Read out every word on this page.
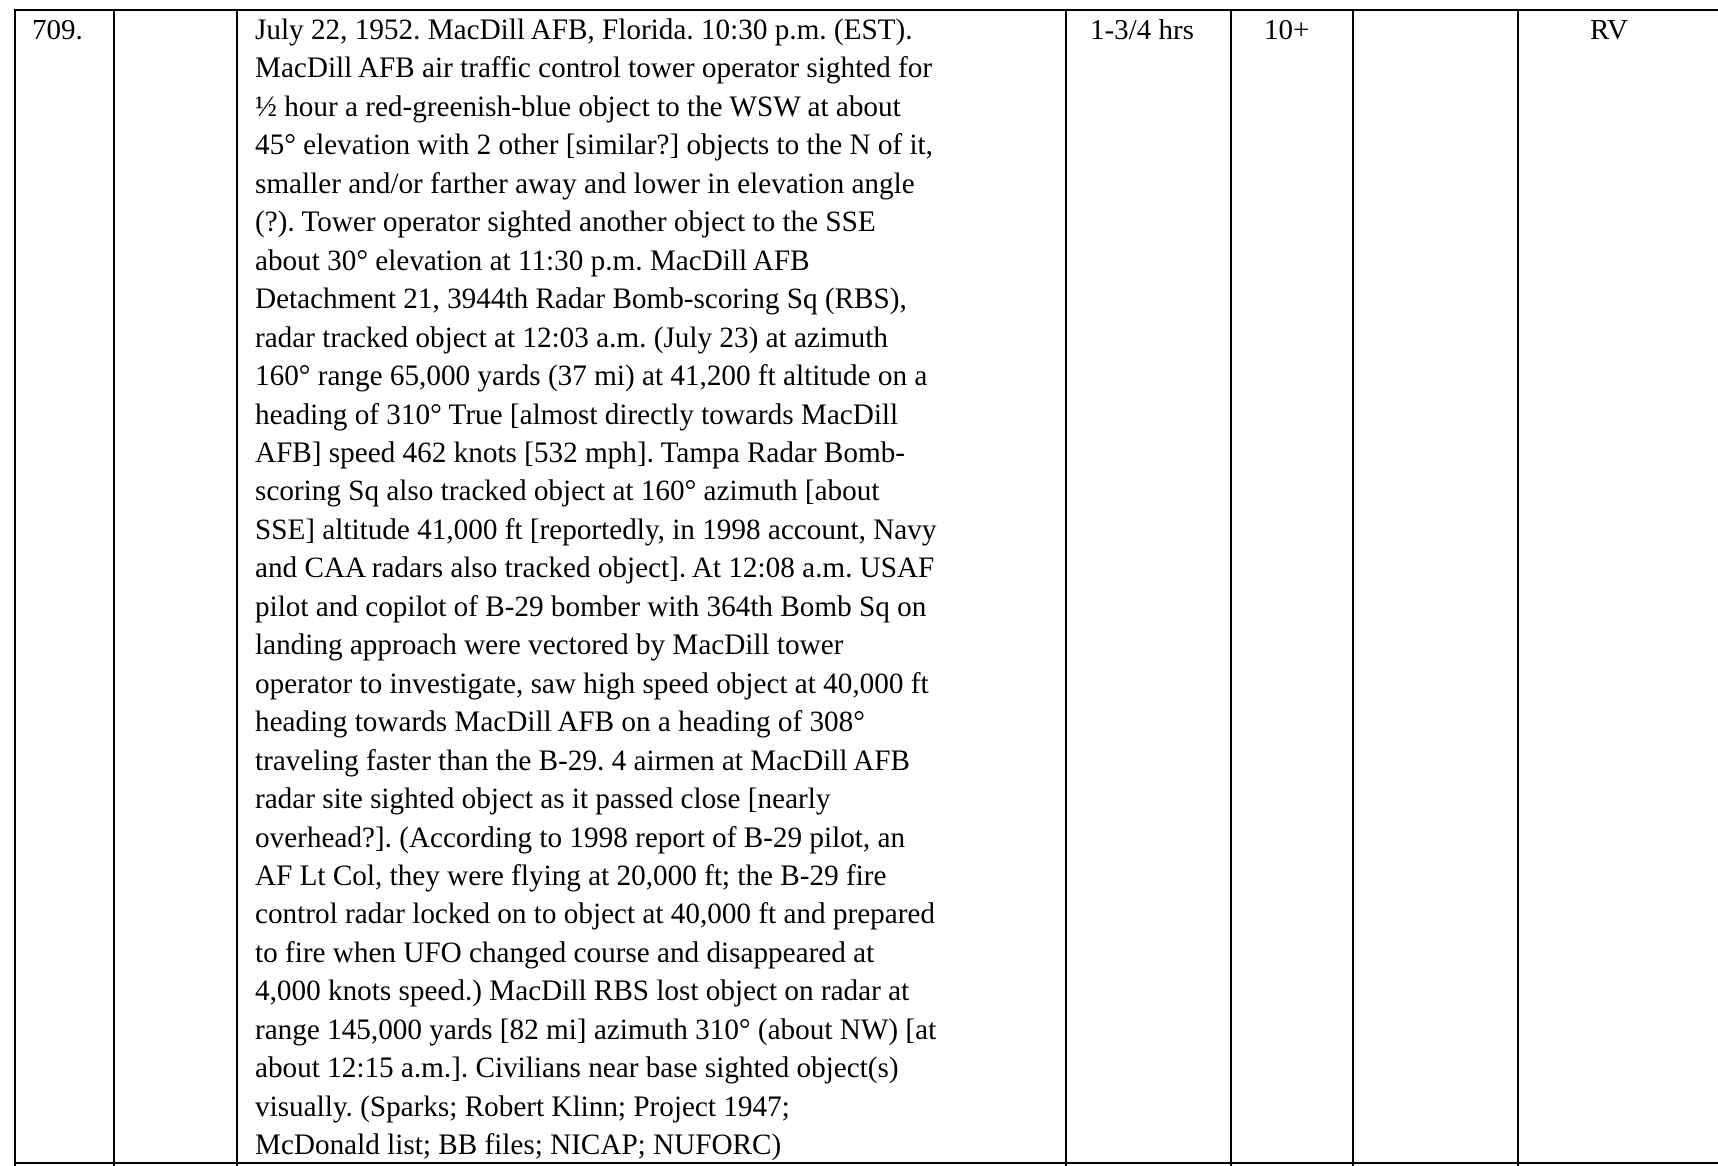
709.	July 22, 1952. MacDill AFB, Florida. 10:30 p.m. (EST).
MacDill AFB air traffic control tower operator sighted for
½ hour a red-greenish-blue object to the WSW at about
45° elevation with 2 other [similar?] objects to the N of it,
smaller and/or farther away and lower in elevation angle
(?). Tower operator sighted another object to the SSE
about 30° elevation at 11:30 p.m. MacDill AFB
Detachment 21, 3944th Radar Bomb-scoring Sq (RBS),
radar tracked object at 12:03 a.m. (July 23) at azimuth
160° range 65,000 yards (37 mi) at 41,200 ft altitude on a
heading of 310° True [almost directly towards MacDill
AFB] speed 462 knots [532 mph]. Tampa Radar Bomb-
scoring Sq also tracked object at 160° azimuth [about
SSE] altitude 41,000 ft [reportedly, in 1998 account, Navy
and CAA radars also tracked object]. At 12:08 a.m. USAF
pilot and copilot of B-29 bomber with 364th Bomb Sq on
landing approach were vectored by MacDill tower
operator to investigate, saw high speed object at 40,000 ft
heading towards MacDill AFB on a heading of 308°
traveling faster than the B-29. 4 airmen at MacDill AFB
radar site sighted object as it passed close [nearly
overhead?]. (According to 1998 report of B-29 pilot, an
AF Lt Col, they were flying at 20,000 ft; the B-29 fire
control radar locked on to object at 40,000 ft and prepared
to fire when UFO changed course and disappeared at
4,000 knots speed.) MacDill RBS lost object on radar at
range 145,000 yards [82 mi] azimuth 310° (about NW) [at
about 12:15 a.m.]. Civilians near base sighted object(s)
visually. (Sparks; Robert Klinn; Project 1947;
McDonald list; BB files; NICAP; NUFORC)
1-3/4 hrs 10+	RV
